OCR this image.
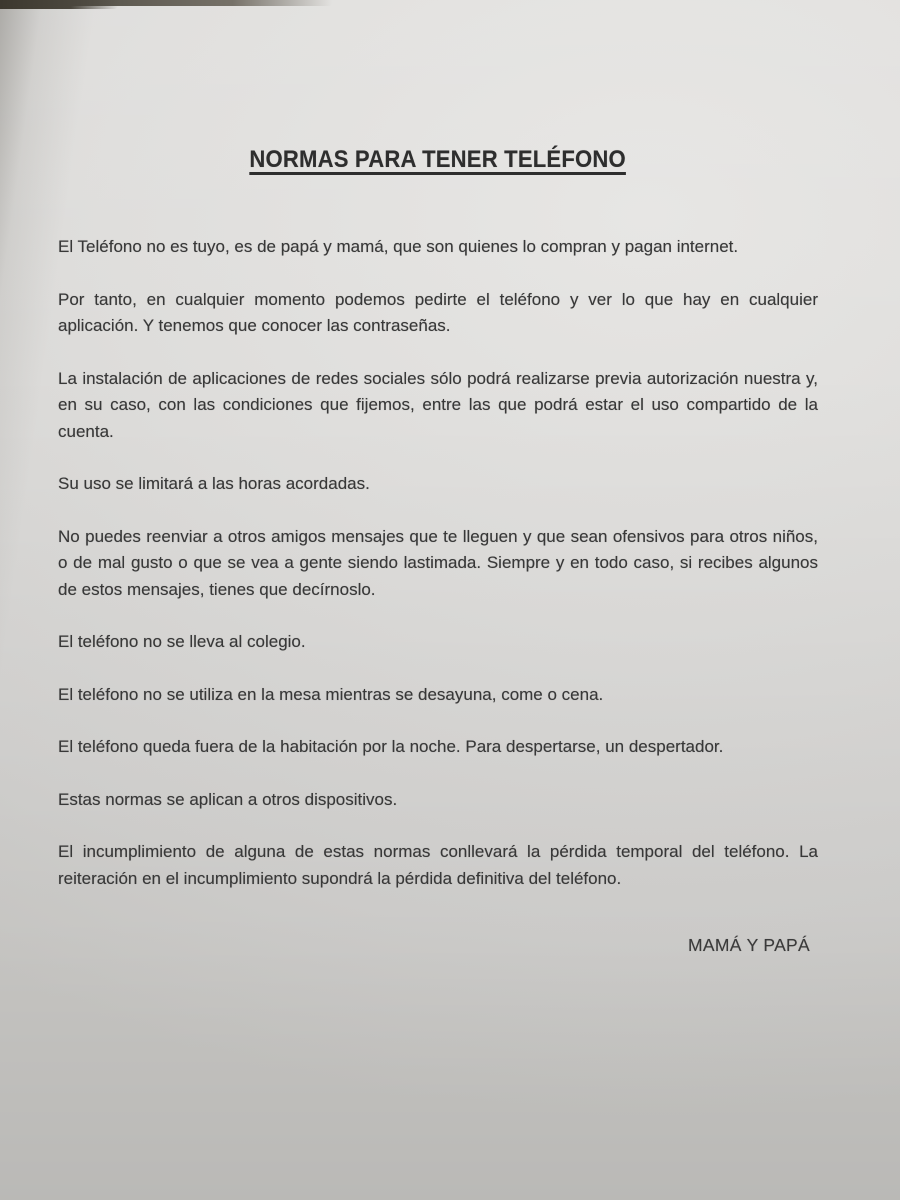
NORMAS PARA TENER TELÉFONO

El Teléfono no es tuyo, es de papá y mamá, que son quienes lo compran y pagan internet.

Por tanto, en cualquier momento podemos pedirte el teléfono y ver lo que hay en cualquier aplicación. Y tenemos que conocer las contraseñas.

La instalación de aplicaciones de redes sociales sólo podrá realizarse previa autorización nuestra y, en su caso, con las condiciones que fijemos, entre las que podrá estar el uso compartido de la cuenta.

Su uso se limitará a las horas acordadas.

No puedes reenviar a otros amigos mensajes que te lleguen y que sean ofensivos para otros niños, o de mal gusto o que se vea a gente siendo lastimada. Siempre y en todo caso, si recibes algunos de estos mensajes, tienes que decírnoslo.

El teléfono no se lleva al colegio.

El teléfono no se utiliza en la mesa mientras se desayuna, come o cena.

El teléfono queda fuera de la habitación por la noche. Para despertarse, un despertador.

Estas normas se aplican a otros dispositivos.

El incumplimiento de alguna de estas normas conllevará la pérdida temporal del teléfono. La reiteración en el incumplimiento supondrá la pérdida definitiva del teléfono.

MAMÁ Y PAPÁ
